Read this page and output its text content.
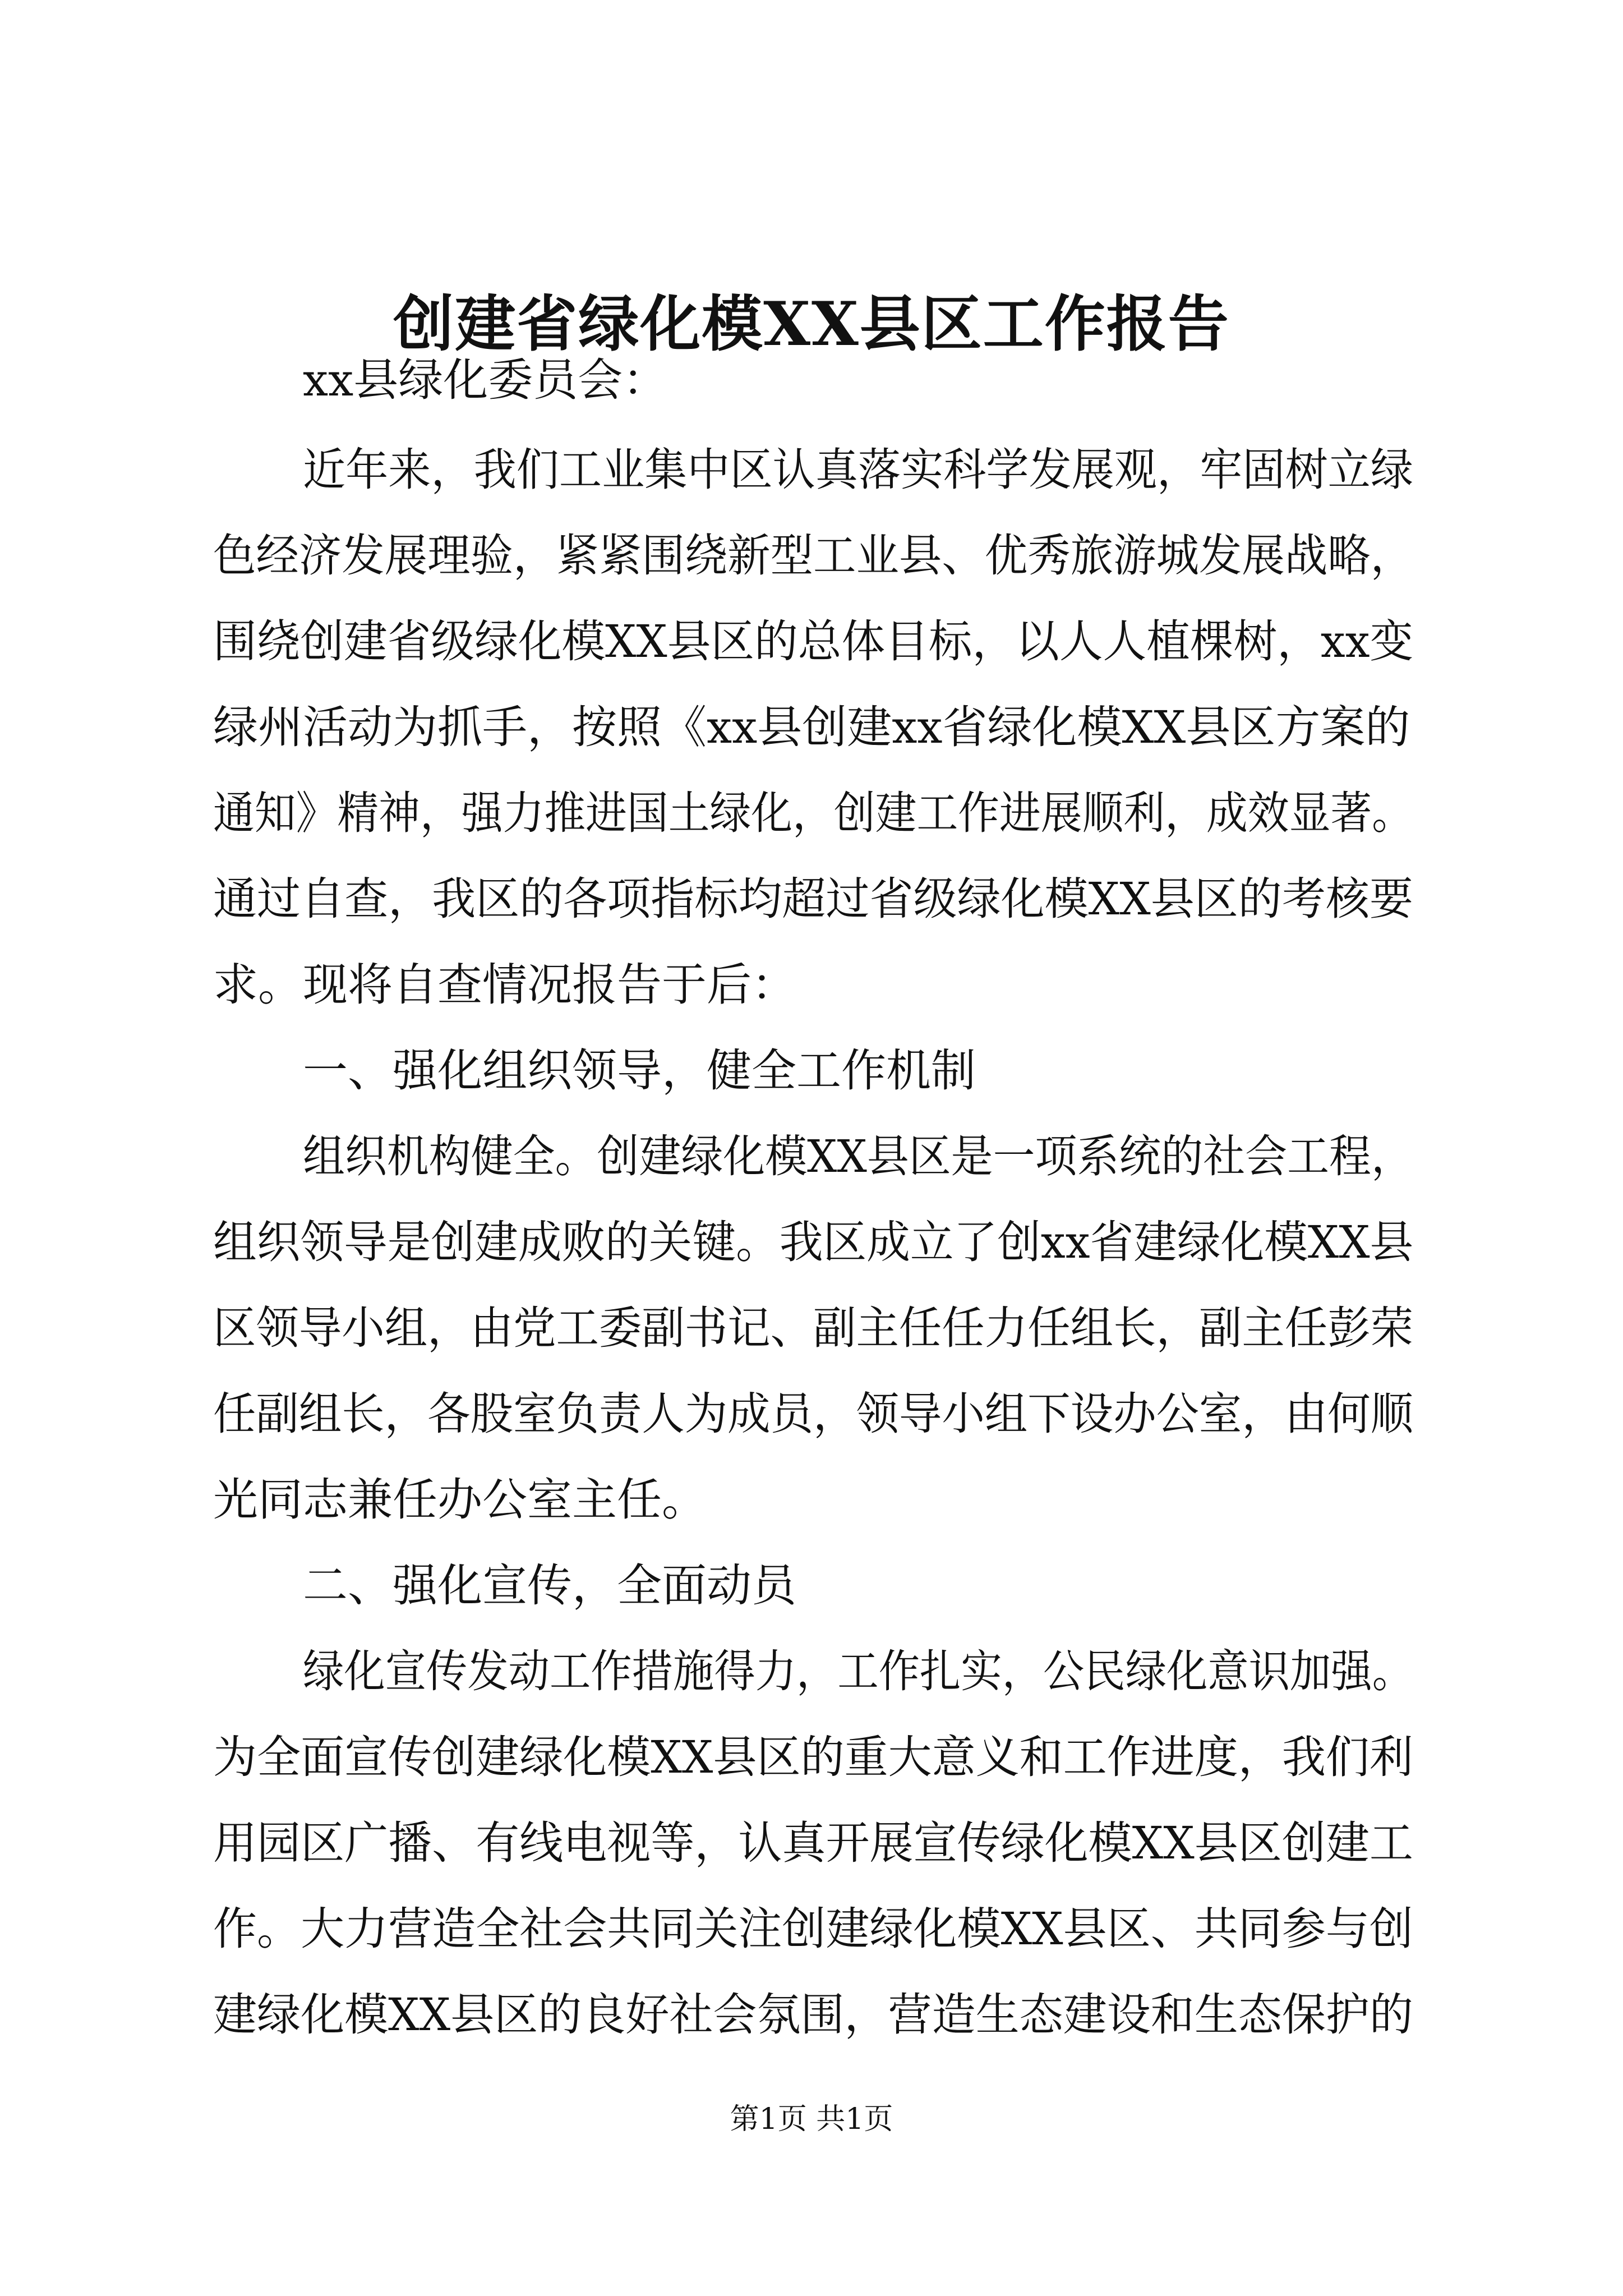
创建省绿化模XX县区工作报告
xx县绿化委员会：
近年来，我们工业集中区认真落实科学发展观，牢固树立绿
色经济发展理验，紧紧围绕新型工业县、优秀旅游城发展战略，
围绕创建省级绿化模XX县区的总体目标，以人人植棵树，xx变
绿州活动为抓手，按照《xx县创建xx省绿化模XX县区方案的
通知》精神，强力推进国土绿化，创建工作进展顺利，成效显著。
通过自查，我区的各项指标均超过省级绿化模XX县区的考核要
求。现将自查情况报告于后：
一、强化组织领导，健全工作机制
组织机构健全。创建绿化模XX县区是一项系统的社会工程，
组织领导是创建成败的关键。我区成立了创xx省建绿化模XX县
区领导小组，由党工委副书记、副主任任力任组长，副主任彭荣
任副组长，各股室负责人为成员，领导小组下设办公室，由何顺
光同志兼任办公室主任。
二、强化宣传，全面动员
绿化宣传发动工作措施得力，工作扎实，公民绿化意识加强。
为全面宣传创建绿化模XX县区的重大意义和工作进度，我们利
用园区广播、有线电视等，认真开展宣传绿化模XX县区创建工
作。大力营造全社会共同关注创建绿化模XX县区、共同参与创
建绿化模XX县区的良好社会氛围，营造生态建设和生态保护的
第1页 共1页
